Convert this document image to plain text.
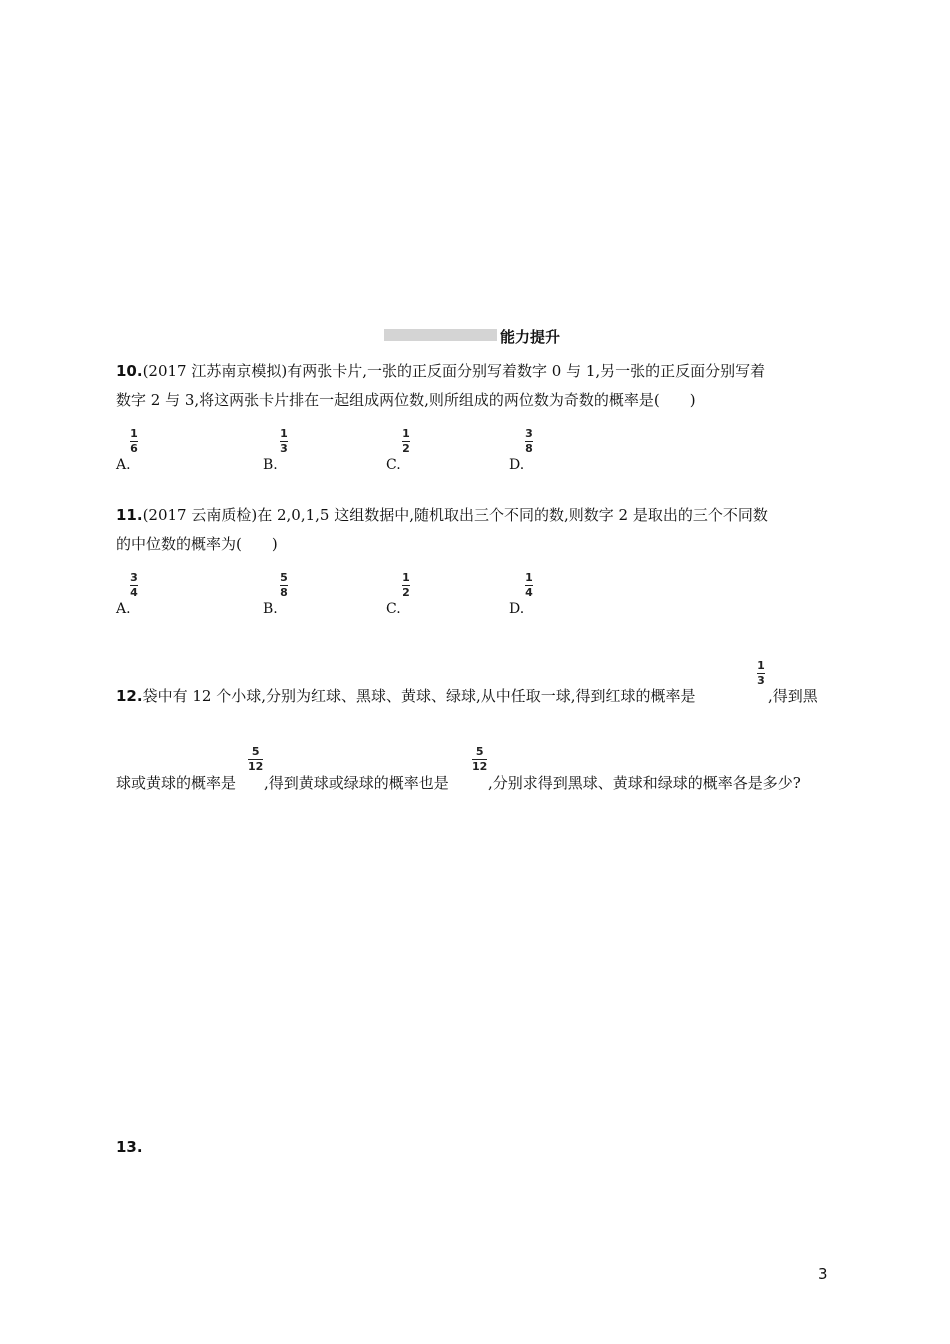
能力提升
10.(2017 江苏南京模拟)有两张卡片,一张的正反面分别写着数字 0 与 1,另一张的正反面分别写着
数字 2 与 3,将这两张卡片排在一起组成两位数,则所组成的两位数为奇数的概率是(　　)
A.
1
6
B.
1
3
C.
1
2
D.
3
8
11.(2017 云南质检)在 2,0,1,5 这组数据中,随机取出三个不同的数,则数字 2 是取出的三个不同数
的中位数的概率为(　　)
A.
3
4
B.
5
8
C.
1
2
D.
1
4
12.袋中有 12 个小球,分别为红球、黑球、黄球、绿球,从中任取一球,得到红球的概率是
1
3
,得到黑
球或黄球的概率是
5
12
,得到黄球或绿球的概率也是
5
12
,分别求得到黑球、黄球和绿球的概率各是多少?
13.
3
